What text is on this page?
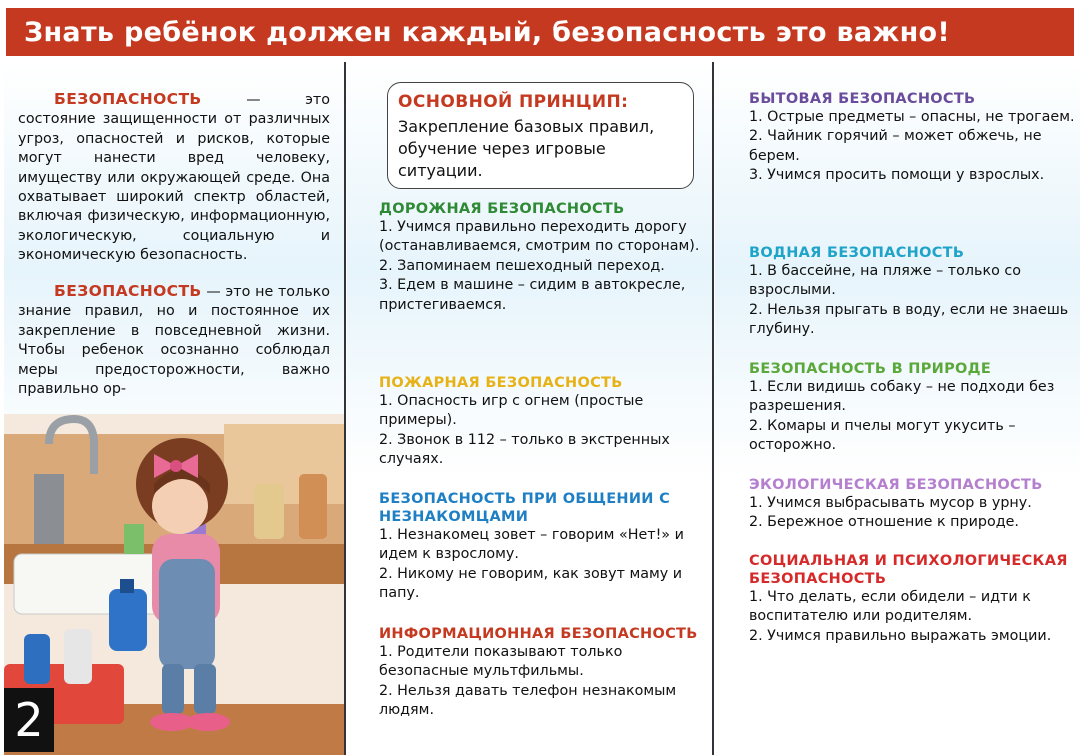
Знать ребёнок должен каждый, безопасность это важно!
БЕЗОПАСНОСТЬ — это состояние защищенности от различных угроз, опасностей и рисков, которые могут нанести вред человеку, имуществу или окружающей среде. Она охватывает широкий спектр областей, включая физическую, информационную, экологическую, социальную и экономическую безопасность.
БЕЗОПАСНОСТЬ — это не только знание правил, но и постоянное их закрепление в повседневной жизни. Чтобы ребенок осознанно соблюдал меры предосторожности, важно правильно ор-
2
ОСНОВНОЙ ПРИНЦИП:
Закрепление базовых правил, обучение через игровые ситуации.
ДОРОЖНАЯ БЕЗОПАСНОСТЬ
1. Учимся правильно переходить дорогу (останавливаемся, смотрим по сторонам).
2. Запоминаем пешеходный переход.
3. Едем в машине – сидим в автокресле, пристегиваемся.
ПОЖАРНАЯ БЕЗОПАСНОСТЬ
1. Опасность игр с огнем (простые примеры).
2. Звонок в 112 – только в экстренных случаях.
БЕЗОПАСНОСТЬ ПРИ ОБЩЕНИИ С НЕЗНАКОМЦАМИ
1. Незнакомец зовет – говорим «Нет!» и идем к взрослому.
2. Никому не говорим, как зовут маму и папу.
ИНФОРМАЦИОННАЯ БЕЗОПАСНОСТЬ
1. Родители показывают только безопасные мультфильмы.
2. Нельзя давать телефон незнакомым людям.
БЫТОВАЯ БЕЗОПАСНОСТЬ
1. Острые предметы – опасны, не трогаем.
2. Чайник горячий – может обжечь, не берем.
3. Учимся просить помощи у взрослых.
ВОДНАЯ БЕЗОПАСНОСТЬ
1. В бассейне, на пляже – только со взрослыми.
2. Нельзя прыгать в воду, если не знаешь глубину.
БЕЗОПАСНОСТЬ В ПРИРОДЕ
1. Если видишь собаку – не подходи без разрешения.
2. Комары и пчелы могут укусить – осторожно.
ЭКОЛОГИЧЕСКАЯ БЕЗОПАСНОСТЬ
1. Учимся выбрасывать мусор в урну.
2. Бережное отношение к природе.
СОЦИАЛЬНАЯ И ПСИХОЛОГИЧЕСКАЯ БЕЗОПАСНОСТЬ
1. Что делать, если обидели – идти к воспитателю или родителям.
2. Учимся правильно выражать эмоции.
